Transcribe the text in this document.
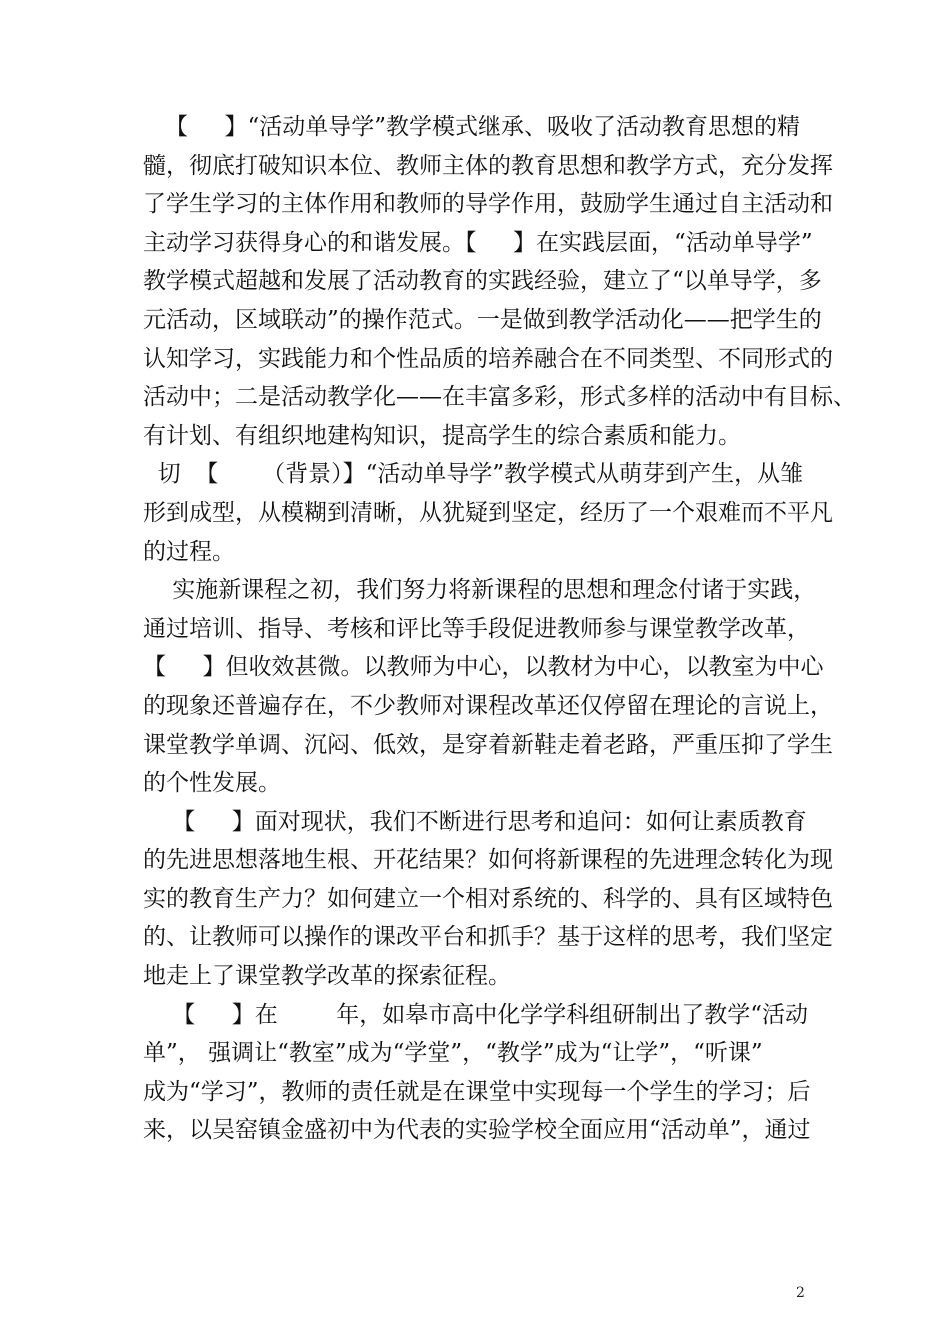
【     】“活动单导学”教学模式继承、吸收了活动教育思想的精
髓，彻底打破知识本位、教师主体的教育思想和教学方式，充分发挥
了学生学习的主体作用和教师的导学作用，鼓励学生通过自主活动和
主动学习获得身心的和谐发展。【     】在实践层面，“活动单导学”
教学模式超越和发展了活动教育的实践经验，建立了“以单导学，多
元活动，区域联动”的操作范式。一是做到教学活动化——把学生的
认知学习，实践能力和个性品质的培养融合在不同类型、不同形式的
活动中；二是活动教学化——在丰富多彩，形式多样的活动中有目标、
有计划、有组织地建构知识，提高学生的综合素质和能力。
切  【      （背景）】“活动单导学”教学模式从萌芽到产生，从雏
形到成型，从模糊到清晰，从犹疑到坚定，经历了一个艰难而不平凡
的过程。
实施新课程之初，我们努力将新课程的思想和理念付诸于实践，
通过培训、指导、考核和评比等手段促进教师参与课堂教学改革，
【     】但收效甚微。以教师为中心，以教材为中心，以教室为中心
的现象还普遍存在，不少教师对课程改革还仅停留在理论的言说上，
课堂教学单调、沉闷、低效，是穿着新鞋走着老路，严重压抑了学生
的个性发展。
【     】面对现状，我们不断进行思考和追问：如何让素质教育
的先进思想落地生根、开花结果？如何将新课程的先进理念转化为现
实的教育生产力？如何建立一个相对系统的、科学的、具有区域特色
的、让教师可以操作的课改平台和抓手？基于这样的思考，我们坚定
地走上了课堂教学改革的探索征程。
【     】在        年，如皋市高中化学学科组研制出了教学“活动
单”， 强调让“教室”成为“学堂”，“教学”成为“让学”，“听课”
成为“学习”，教师的责任就是在课堂中实现每一个学生的学习；后
来，以吴窑镇金盛初中为代表的实验学校全面应用“活动单”，通过
2
